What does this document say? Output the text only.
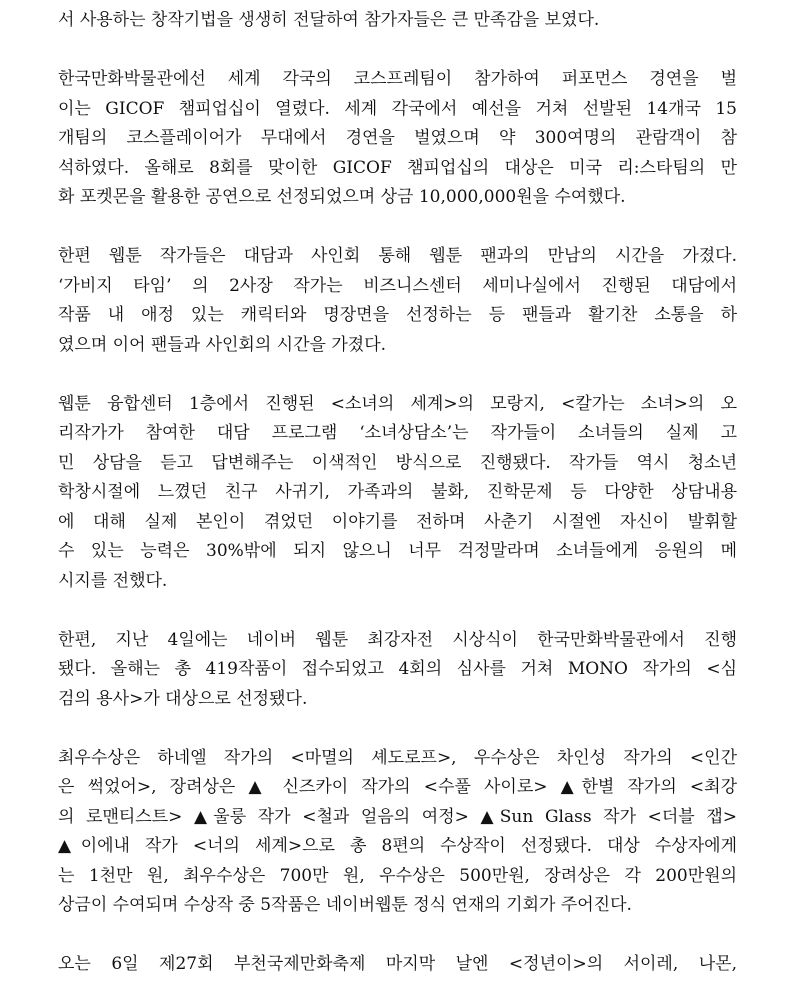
서 사용하는 창작기법을 생생히 전달하여 참가자들은 큰 만족감을 보였다.
한국만화박물관에선 세계 각국의 코스프레팀이 참가하여 퍼포먼스 경연을 벌
이는 GICOF 챔피업십이 열렸다. 세계 각국에서 예선을 거쳐 선발된 14개국 15
개팀의 코스플레이어가 무대에서 경연을 벌였으며 약 300여명의 관람객이 참
석하였다. 올해로 8회를 맞이한 GICOF 챔피업십의 대상은 미국 리:스타팀의 만
화 포켓몬을 활용한 공연으로 선정되었으며 상금 10,000,000원을 수여했다.
한편 웹툰 작가들은 대담과 사인회 통해 웹툰 팬과의 만남의 시간을 가졌다.
‘가비지 타임’ 의 2사장 작가는 비즈니스센터 세미나실에서 진행된 대담에서
작품 내 애정 있는 캐릭터와 명장면을 선정하는 등 팬들과 활기찬 소통을 하
였으며 이어 팬들과 사인회의 시간을 가졌다.
웹툰 융합센터 1층에서 진행된 <소녀의 세계>의 모랑지, <칼가는 소녀>의 오
리작가가 참여한 대담 프로그램 ‘소녀상담소’는 작가들이 소녀들의 실제 고
민 상담을 듣고 답변해주는 이색적인 방식으로 진행됐다. 작가들 역시 청소년
학창시절에 느꼈던 친구 사귀기, 가족과의 불화, 진학문제 등 다양한 상담내용
에 대해 실제 본인이 겪었던 이야기를 전하며 사춘기 시절엔 자신이 발휘할
수 있는 능력은 30%밖에 되지 않으니 너무 걱정말라며 소녀들에게 응원의 메
시지를 전했다.
한편, 지난 4일에는 네이버 웹툰 최강자전 시상식이 한국만화박물관에서 진행
됐다. 올해는 총 419작품이 접수되었고 4회의 심사를 거쳐 MONO 작가의 <심
검의 용사>가 대상으로 선정됐다.
최우수상은 하네엘 작가의 <마멸의 셰도로프>, 우수상은 차인성 작가의 <인간
은 썩었어>, 장려상은 ▲ 신즈카이 작가의 <수풀 사이로> ▲한별 작가의 <최강
의 로맨티스트> ▲울룽 작가 <철과 얼음의 여정> ▲Sun Glass 작가 <더블 잽>
▲이에내 작가 <너의 세계>으로 총 8편의 수상작이 선정됐다. 대상 수상자에게
는 1천만 원, 최우수상은 700만 원, 우수상은 500만원, 장려상은 각 200만원의
상금이 수여되며 수상작 중 5작품은 네이버웹툰 정식 연재의 기회가 주어진다.
오는 6일 제27회 부천국제만화축제 마지막 날엔 <정년이>의 서이레, 나몬,
